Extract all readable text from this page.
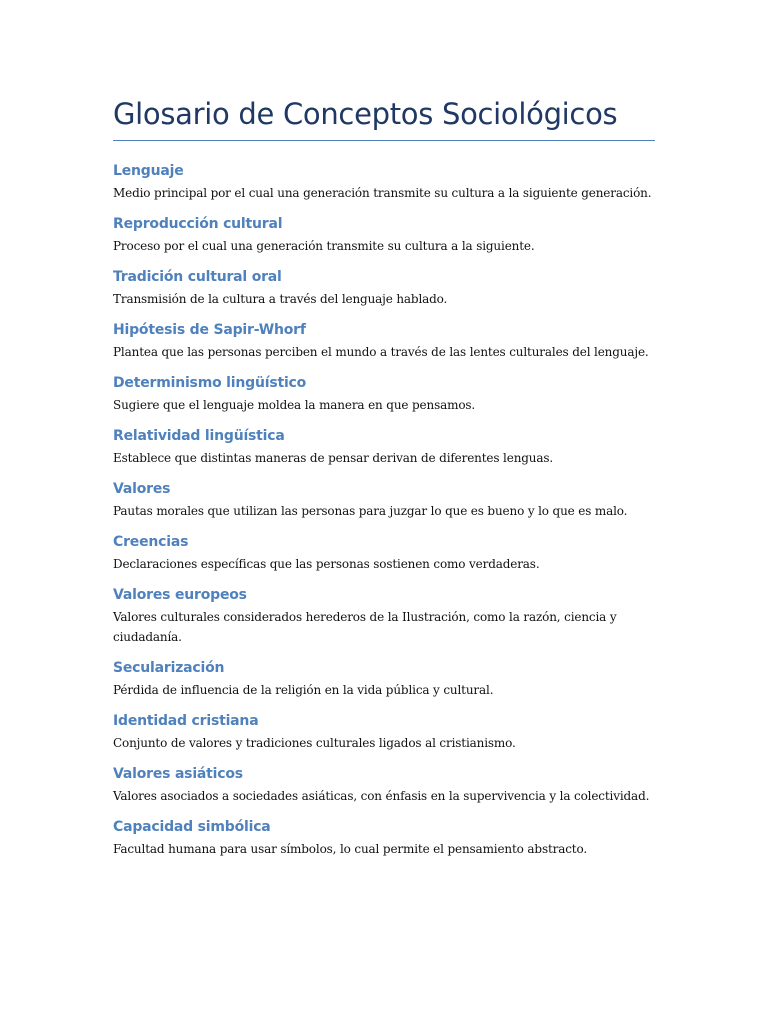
Glosario de Conceptos Sociológicos
Lenguaje

Medio principal por el cual una generación transmite su cultura a la siguiente generación.

Reproducción cultural

Proceso por el cual una generación transmite su cultura a la siguiente.

Tradición cultural oral

Transmisión de la cultura a través del lenguaje hablado.

Hipótesis de Sapir-Whorf

Plantea que las personas perciben el mundo a través de las lentes culturales del lenguaje.

Determinismo lingüístico

Sugiere que el lenguaje moldea la manera en que pensamos.

Relatividad lingüística

Establece que distintas maneras de pensar derivan de diferentes lenguas.

Valores

Pautas morales que utilizan las personas para juzgar lo que es bueno y lo que es malo.

Creencias

Declaraciones específicas que las personas sostienen como verdaderas.

Valores europeos

Valores culturales considerados herederos de la Ilustración, como la razón, ciencia y ciudadanía.

Secularización

Pérdida de influencia de la religión en la vida pública y cultural.

Identidad cristiana

Conjunto de valores y tradiciones culturales ligados al cristianismo.

Valores asiáticos

Valores asociados a sociedades asiáticas, con énfasis en la supervivencia y la colectividad.

Capacidad simbólica

Facultad humana para usar símbolos, lo cual permite el pensamiento abstracto.
